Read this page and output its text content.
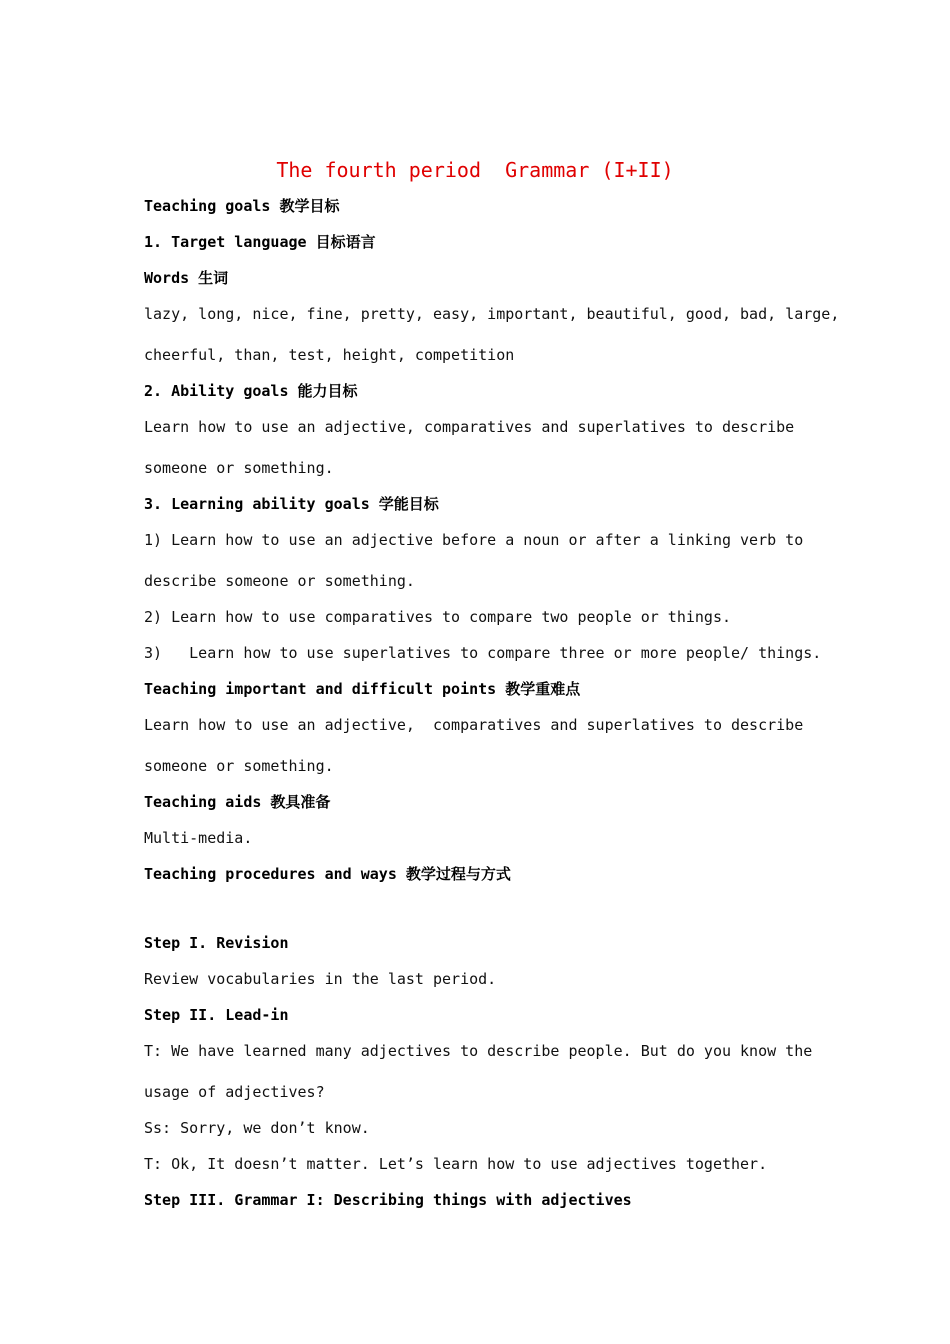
The fourth period  Grammar (I+II)
Teaching goals 教学目标
1. Target language 目标语言
Words 生词
lazy, long, nice, fine, pretty, easy, important, beautiful, good, bad, large,
cheerful, than, test, height, competition
2. Ability goals 能力目标
Learn how to use an adjective, comparatives and superlatives to describe
someone or something.
3. Learning ability goals 学能目标
1) Learn how to use an adjective before a noun or after a linking verb to
describe someone or something.
2) Learn how to use comparatives to compare two people or things.
3)   Learn how to use superlatives to compare three or more people/ things.
Teaching important and difficult points 教学重难点
Learn how to use an adjective,  comparatives and superlatives to describe
someone or something.
Teaching aids 教具准备
Multi-media.
Teaching procedures and ways 教学过程与方式
Step I. Revision
Review vocabularies in the last period.
Step II. Lead-in
T: We have learned many adjectives to describe people. But do you know the
usage of adjectives?
Ss: Sorry, we don’t know.
T: Ok, It doesn’t matter. Let’s learn how to use adjectives together.
Step III. Grammar I: Describing things with adjectives
